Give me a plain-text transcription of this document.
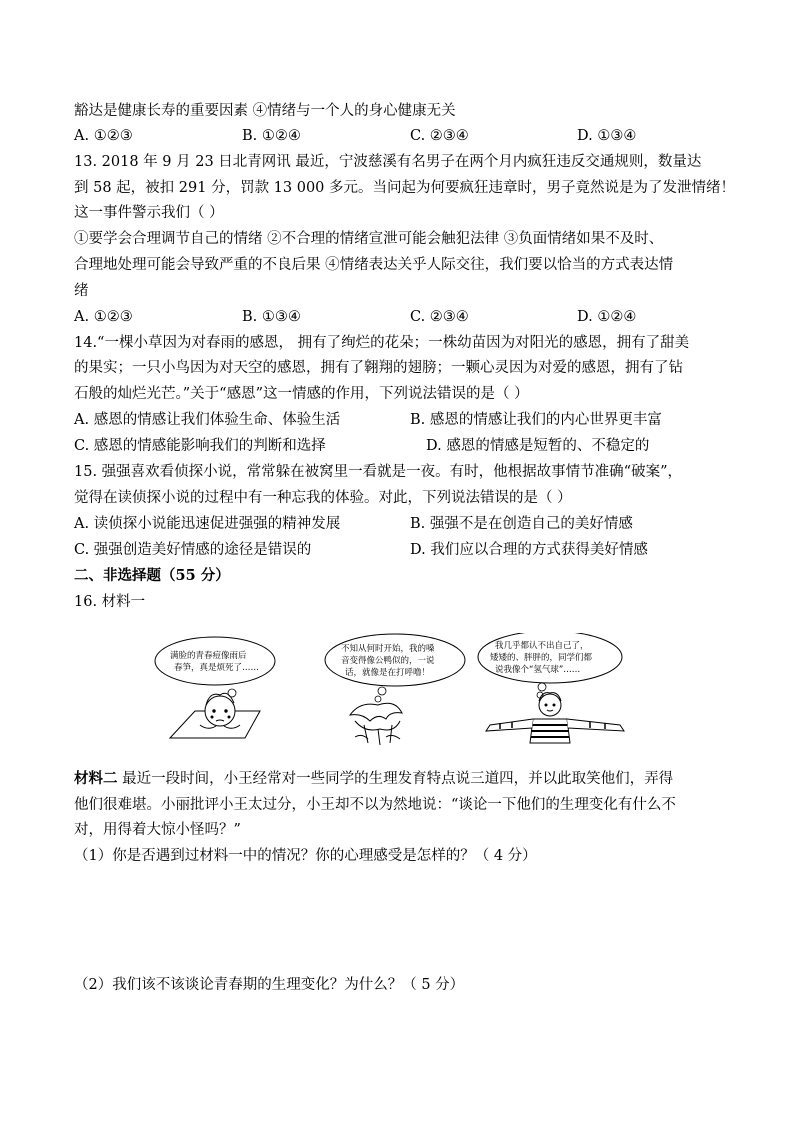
豁达是健康长寿的重要因素 ④情绪与一个人的身心健康无关
A. ①②③	B. ①②④	C. ②③④	D. ①③④
13. 2018 年 9 月 23 日北青网讯 最近，宁波慈溪有名男子在两个月内疯狂违反交通规则，数量达
到 58 起，被扣 291 分，罚款 13 000 多元。当问起为何要疯狂违章时，男子竟然说是为了发泄情绪！
这一事件警示我们（ ）
①要学会合理调节自己的情绪 ②不合理的情绪宣泄可能会触犯法律 ③负面情绪如果不及时、
合理地处理可能会导致严重的不良后果 ④情绪表达关乎人际交往，我们要以恰当的方式表达情
绪
A. ①②③	B. ①③④	C. ②③④	D. ①②④
14.“一棵小草因为对春雨的感恩， 拥有了绚烂的花朵；一株幼苗因为对阳光的感恩，拥有了甜美
的果实；一只小鸟因为对天空的感恩，拥有了翱翔的翅膀；一颗心灵因为对爱的感恩，拥有了钻
石般的灿烂光芒。”关于“感恩”这一情感的作用，下列说法错误的是（ ）
A. 感恩的情感让我们体验生命、体验生活	B. 感恩的情感让我们的内心世界更丰富
C. 感恩的情感能影响我们的判断和选择	D. 感恩的情感是短暂的、不稳定的
15. 强强喜欢看侦探小说，常常躲在被窝里一看就是一夜。有时，他根据故事情节准确“破案”，
觉得在读侦探小说的过程中有一种忘我的体验。对此，下列说法错误的是（ ）
A. 读侦探小说能迅速促进强强的精神发展	B. 强强不是在创造自己的美好情感
C. 强强创造美好情感的途径是错误的	D. 我们应以合理的方式获得美好情感
二、非选择题（55 分）
16. 材料一
满脸的青春痘像雨后
春笋，真是烦死了……
不知从何时开始，我的嗓
音变得像公鸭似的，一说
话，就像是在打呼噜！
我几乎都认不出自己了，
矮矮的、胖胖的，同学们都
说我像个“氢气球”……
材料二 最近一段时间，小王经常对一些同学的生理发育特点说三道四，并以此取笑他们，弄得
他们很难堪。小丽批评小王太过分，小王却不以为然地说：“谈论一下他们的生理变化有什么不
对，用得着大惊小怪吗？”
（1）你是否遇到过材料一中的情况？你的心理感受是怎样的？（ 4 分）
（2）我们该不该谈论青春期的生理变化？为什么？（ 5 分）
